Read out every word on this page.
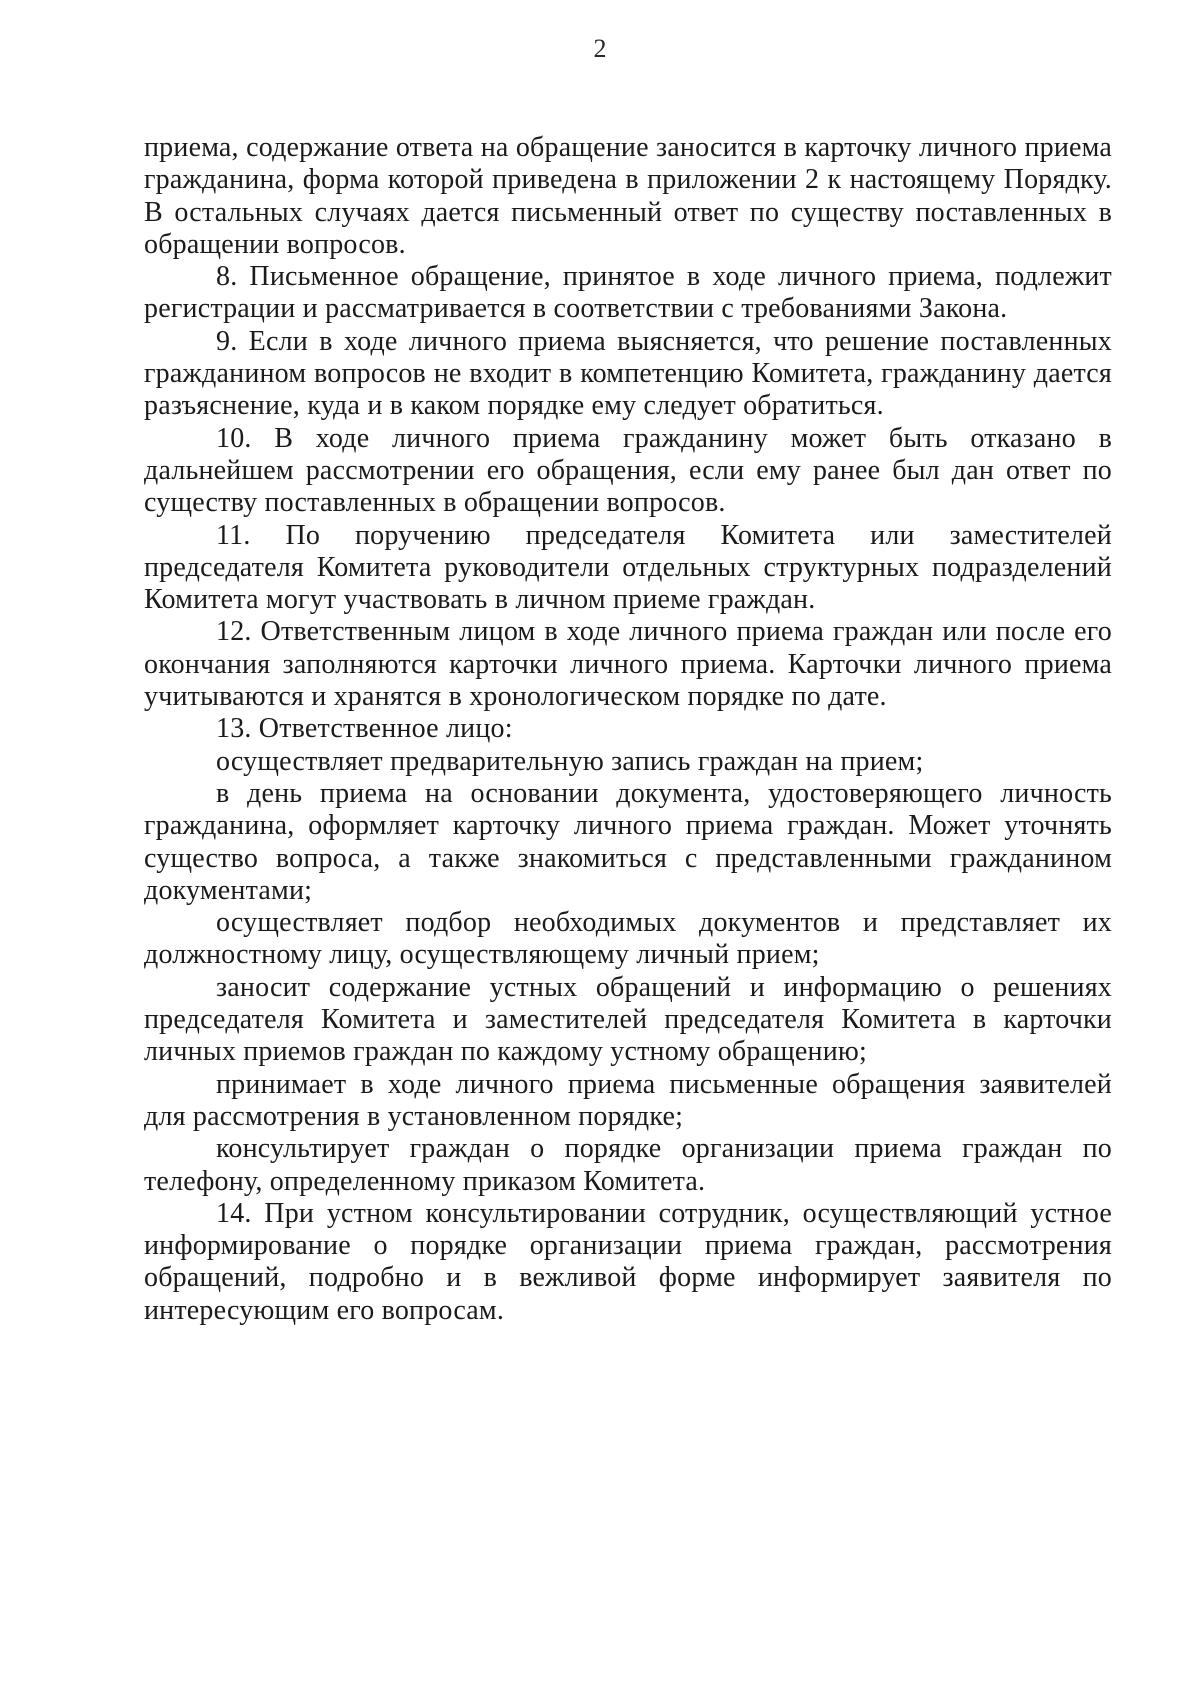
2

приема, содержание ответа на обращение заносится в карточку личного приема гражданина, форма которой приведена в приложении 2 к настоящему Порядку. В остальных случаях дается письменный ответ по существу поставленных в обращении вопросов.

8. Письменное обращение, принятое в ходе личного приема, подлежит регистрации и рассматривается в соответствии с требованиями Закона.

9. Если в ходе личного приема выясняется, что решение поставленных гражданином вопросов не входит в компетенцию Комитета, гражданину дается разъяснение, куда и в каком порядке ему следует обратиться.

10. В ходе личного приема гражданину может быть отказано в дальнейшем рассмотрении его обращения, если ему ранее был дан ответ по существу поставленных в обращении вопросов.

11. По поручению председателя Комитета или заместителей председателя Комитета руководители отдельных структурных подразделений Комитета могут участвовать в личном приеме граждан.

12. Ответственным лицом в ходе личного приема граждан или после его окончания заполняются карточки личного приема. Карточки личного приема учитываются и хранятся в хронологическом порядке по дате.

13. Ответственное лицо:

осуществляет предварительную запись граждан на прием;

в день приема на основании документа, удостоверяющего личность гражданина, оформляет карточку личного приема граждан. Может уточнять существо вопроса, а также знакомиться с представленными гражданином документами;

осуществляет подбор необходимых документов и представляет их должностному лицу, осуществляющему личный прием;

заносит содержание устных обращений и информацию о решениях председателя Комитета и заместителей председателя Комитета в карточки личных приемов граждан по каждому устному обращению;

принимает в ходе личного приема письменные обращения заявителей для рассмотрения в установленном порядке;

консультирует граждан о порядке организации приема граждан по телефону, определенному приказом Комитета.

14. При устном консультировании сотрудник, осуществляющий устное информирование о порядке организации приема граждан, рассмотрения обращений, подробно и в вежливой форме информирует заявителя по интересующим его вопросам.
